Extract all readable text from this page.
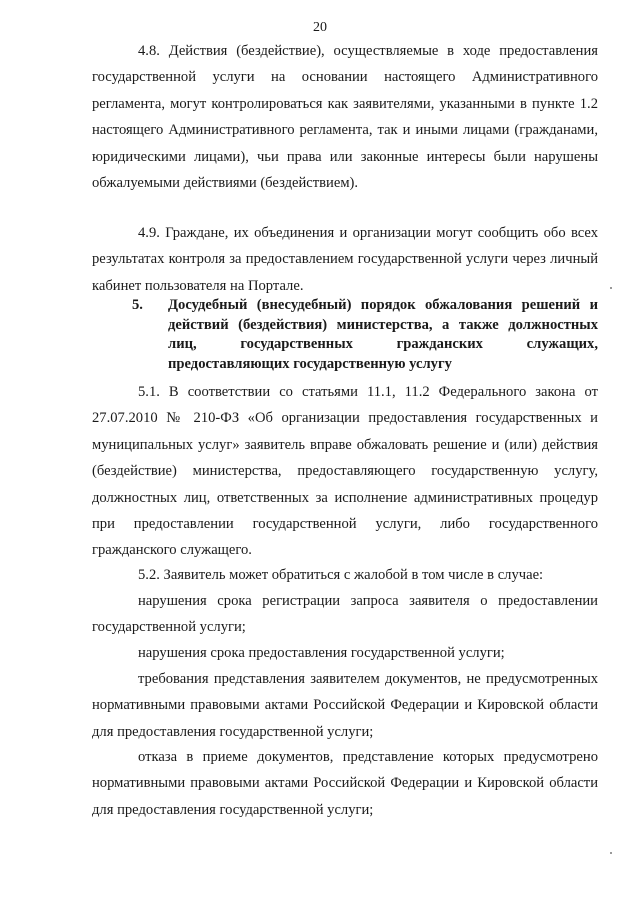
20

4.8. Действия (бездействие), осуществляемые в ходе предоставления государственной услуги на основании настоящего Административного регламента, могут контролироваться как заявителями, указанными в пункте 1.2 настоящего Административного регламента, так и иными лицами (гражданами, юридическими лицами), чьи права или законные интересы были нарушены обжалуемыми действиями (бездействием).

4.9. Граждане, их объединения и организации могут сообщить обо всех результатах контроля за предоставлением государственной услуги через личный кабинет пользователя на Портале.

5. Досудебный (внесудебный) порядок обжалования решений и действий (бездействия) министерства, а также должностных лиц, государственных гражданских служащих, предоставляющих государственную услугу

5.1. В соответствии со статьями 11.1, 11.2 Федерального закона от 27.07.2010 № 210-ФЗ «Об организации предоставления государственных и муниципальных услуг» заявитель вправе обжаловать решение и (или) действия (бездействие) министерства, предоставляющего государственную услугу, должностных лиц, ответственных за исполнение административных процедур при предоставлении государственной услуги, либо государственного гражданского служащего.

5.2. Заявитель может обратиться с жалобой в том числе в случае:

нарушения срока регистрации запроса заявителя о предоставлении государственной услуги;

нарушения срока предоставления государственной услуги;

требования представления заявителем документов, не предусмотренных нормативными правовыми актами Российской Федерации и Кировской области для предоставления государственной услуги;

отказа в приеме документов, представление которых предусмотрено нормативными правовыми актами Российской Федерации и Кировской области для предоставления государственной услуги;
